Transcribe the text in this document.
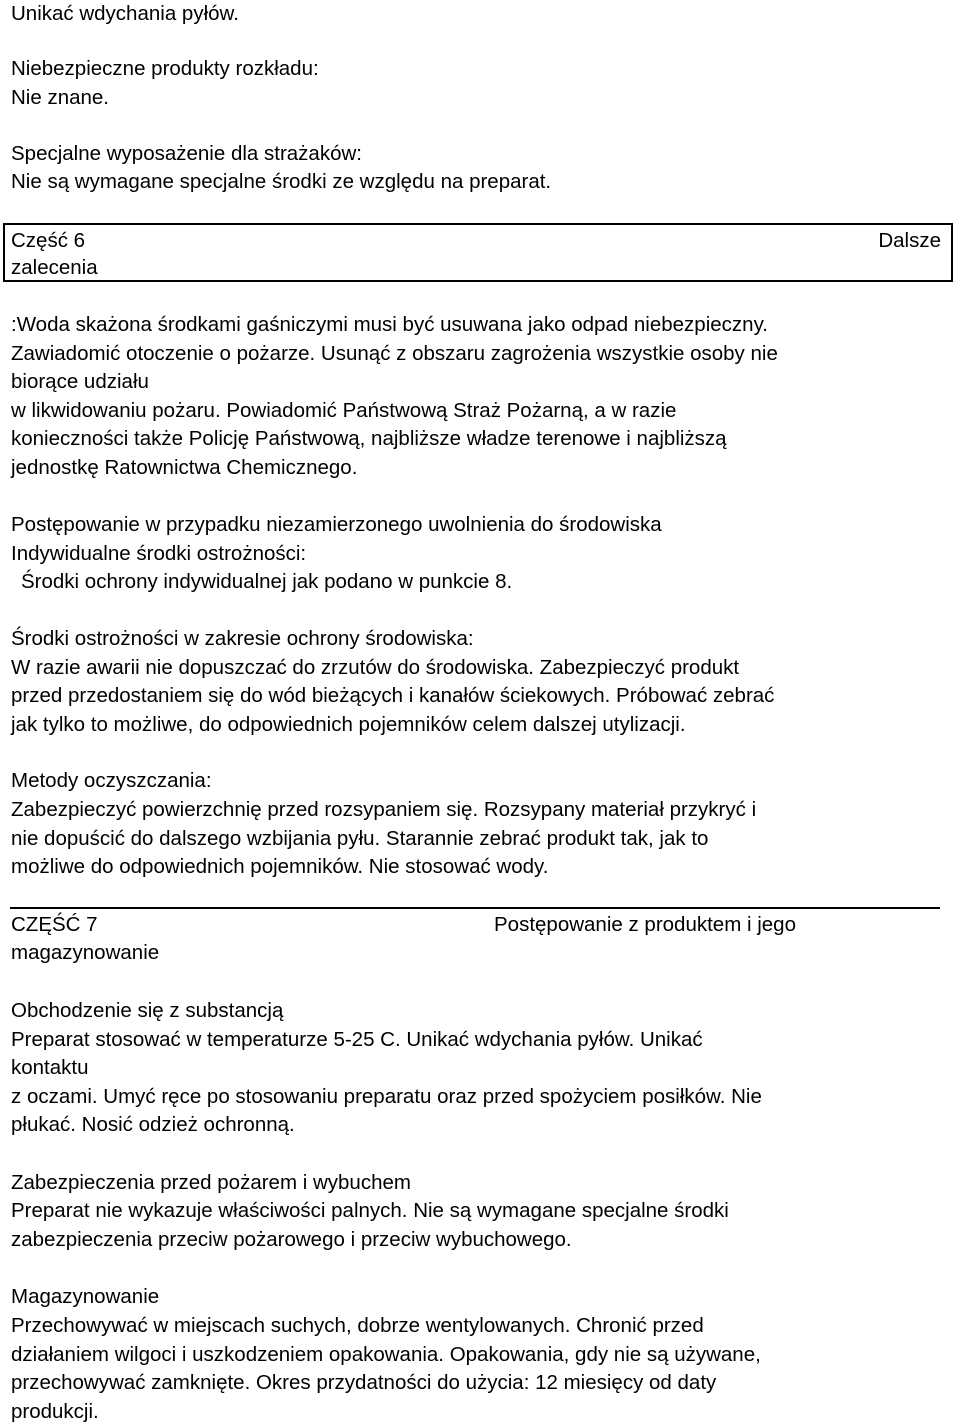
Unikać wdychania pyłów.

Niebezpieczne produkty rozkładu:

Nie znane.

Specjalne wyposażenie dla strażaków:

Nie są wymagane specjalne środki ze względu na preparat.

Część 6
zalecenia
Dalsze

:Woda skażona środkami gaśniczymi musi być usuwana jako odpad niebezpieczny.

Zawiadomić otoczenie o pożarze. Usunąć z obszaru zagrożenia wszystkie osoby nie

biorące udziału

w likwidowaniu pożaru. Powiadomić Państwową Straż Pożarną, a w razie

konieczności także Policję Państwową, najbliższe władze terenowe i najbliższą

jednostkę Ratownictwa Chemicznego.

Postępowanie w przypadku niezamierzonego uwolnienia do środowiska

Indywidualne środki ostrożności:

Środki ochrony indywidualnej jak podano w punkcie 8.

Środki ostrożności w zakresie ochrony środowiska:

W razie awarii nie dopuszczać do zrzutów do środowiska. Zabezpieczyć produkt

przed przedostaniem się do wód bieżących i kanałów ściekowych. Próbować zebrać

jak tylko to możliwe, do odpowiednich pojemników celem dalszej utylizacji.

Metody oczyszczania:

Zabezpieczyć powierzchnię przed rozsypaniem się. Rozsypany materiał przykryć i

nie dopuścić do dalszego wzbijania pyłu. Starannie zebrać produkt tak, jak to

możliwe do odpowiednich pojemników. Nie stosować wody.

CZĘŚĆ 7	Postępowanie z produktem i jego

magazynowanie

Obchodzenie się z substancją

Preparat stosować w temperaturze 5-25 C. Unikać wdychania pyłów. Unikać

kontaktu

z oczami. Umyć ręce po stosowaniu preparatu oraz przed spożyciem posiłków. Nie

płukać. Nosić odzież ochronną.

Zabezpieczenia przed pożarem i wybuchem

Preparat nie wykazuje właściwości palnych. Nie są wymagane specjalne środki

zabezpieczenia przeciw pożarowego i przeciw wybuchowego.

Magazynowanie

Przechowywać w miejscach suchych, dobrze wentylowanych. Chronić przed

działaniem wilgoci i uszkodzeniem opakowania. Opakowania, gdy nie są używane,

przechowywać zamknięte. Okres przydatności do użycia: 12 miesięcy od daty

produkcji.
